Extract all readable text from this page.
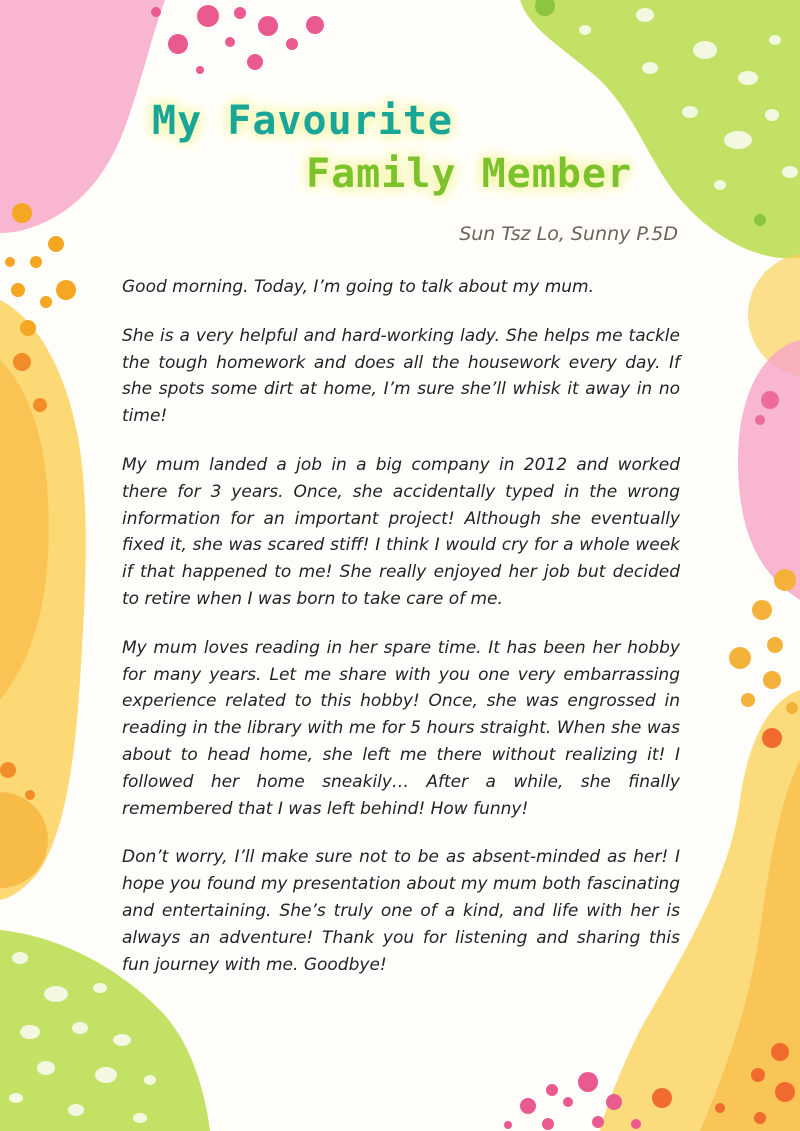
My Favourite
Family Member
Sun Tsz Lo, Sunny P.5D

Good morning. Today, I’m going to talk about my mum.

She is a very helpful and hard-working lady. She helps me tackle the tough homework and does all the housework every day. If she spots some dirt at home, I’m sure she’ll whisk it away in no time!

My mum landed a job in a big company in 2012 and worked there for 3 years. Once, she accidentally typed in the wrong information for an important project! Although she eventually fixed it, she was scared stiff! I think I would cry for a whole week if that happened to me! She really enjoyed her job but decided to retire when I was born to take care of me.

My mum loves reading in her spare time. It has been her hobby for many years. Let me share with you one very embarrassing experience related to this hobby! Once, she was engrossed in reading in the library with me for 5 hours straight. When she was about to head home, she left me there without realizing it! I followed her home sneakily… After a while, she finally remembered that I was left behind! How funny!

Don’t worry, I’ll make sure not to be as absent-minded as her! I hope you found my presentation about my mum both fascinating and entertaining. She’s truly one of a kind, and life with her is always an adventure! Thank you for listening and sharing this fun journey with me. Goodbye!
